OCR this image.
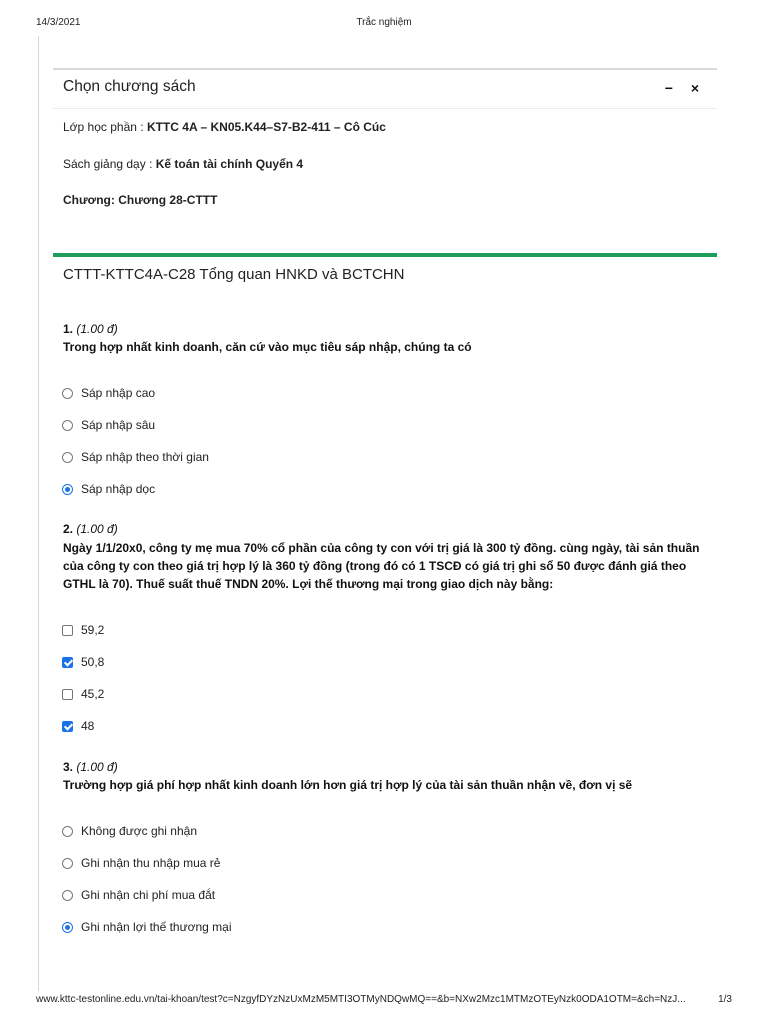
14/3/2021	Trắc nghiệm
Chọn chương sách	− ×
Lớp học phần : KTTC 4A – KN05.K44–S7-B2-411 – Cô Cúc
Sách giảng dạy : Kế toán tài chính Quyển 4
Chương: Chương 28-CTTT
CTTT-KTTC4A-C28 Tổng quan HNKD và BCTCHN
1. (1.00 đ)
Trong hợp nhất kinh doanh, căn cứ vào mục tiêu sáp nhập, chúng ta có
Sáp nhập cao
Sáp nhập sâu
Sáp nhập theo thời gian
Sáp nhập dọc
2. (1.00 đ)
Ngày 1/1/20x0, công ty mẹ mua 70% cổ phần của công ty con với trị giá là 300 tỷ đồng. cùng ngày, tài sản thuần của công ty con theo giá trị hợp lý là 360 tỷ đồng (trong đó có 1 TSCĐ có giá trị ghi sổ 50 được đánh giá theo GTHL là 70). Thuế suất thuế TNDN 20%. Lợi thế thương mại trong giao dịch này bằng:
59,2
50,8
45,2
48
3. (1.00 đ)
Trường hợp giá phí hợp nhất kinh doanh lớn hơn giá trị hợp lý của tài sản thuần nhận về, đơn vị sẽ
Không được ghi nhận
Ghi nhận thu nhập mua rẻ
Ghi nhận chi phí mua đắt
Ghi nhận lợi thế thương mại
www.kttc-testonline.edu.vn/tai-khoan/test?c=NzgyfDYzNzUxMzM5MTI3OTMyNDQwMQ==&b=NXw2Mzc1MTMzOTEyNzk0ODA1OTM=&ch=NzJ...	1/3
